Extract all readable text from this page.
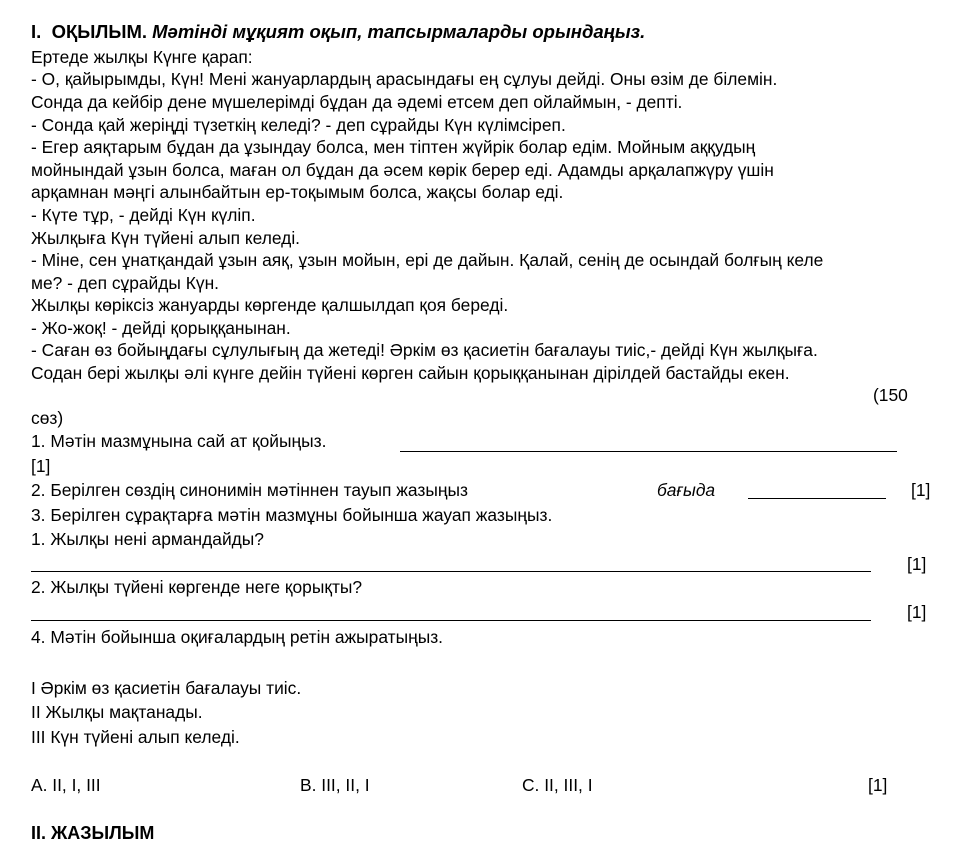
I. ОҚЫЛЫМ. Мәтінді мұқият оқып, тапсырмаларды орындаңыз.
Ертеде жылқы Күнге қарап:
- О, қайырымды, Күн! Мені жануарлардың арасындағы ең сұлуы дейді. Оны өзім де білемін.
Сонда да кейбір дене мүшелерімді бұдан да әдемі етсем деп ойлаймын, - депті.
- Сонда қай жеріңді түзеткің келеді? - деп сұрайды Күн күлімсіреп.
- Егер аяқтарым бұдан да ұзындау болса, мен тіптен жүйрік болар едім. Мойным аққудың
мойнындай ұзын болса, маған ол бұдан да әсем көрік берер еді. Адамды арқалапжүру үшін
арқамнан мәңгі алынбайтын ер-тоқымым болса, жақсы болар еді.
- Күте тұр, - дейді Күн күліп.
Жылқыға Күн түйені алып келеді.
- Міне, сен ұнатқандай ұзын аяқ, ұзын мойын, ері де дайын. Қалай, сенің де осындай болғың келе
ме? - деп сұрайды Күн.
Жылқы көріксіз жануарды көргенде қалшылдап қоя береді.
- Жо-жоқ! - дейді қорыққанынан.
- Саған өз бойыңдағы сұлулығың да жетеді! Әркім өз қасиетін бағалауы тиіс,- дейді Күн жылқыға.
Содан бері жылқы әлі күнге дейін түйені көрген сайын қорыққанынан дірілдей бастайды екен.
(150
сөз)
1. Мәтін мазмұнына сай ат қойыңыз.
[1]
2. Берілген сөздің синонимін мәтіннен тауып жазыңыз	бағыда	[1]
3. Берілген сұрақтарға мәтін мазмұны бойынша жауап жазыңыз.
1. Жылқы нені армандайды?
[1]
2. Жылқы түйені көргенде неге қорықты?
[1]
4. Мәтін бойынша оқиғалардың ретін ажыратыңыз.
I Әркім өз қасиетін бағалауы тиіс.
II Жылқы мақтанады.
III Күн түйені алып келеді.
A. II, I, III	B. III, II, I	C. II, III, I	[1]
II. ЖАЗЫЛЫМ
